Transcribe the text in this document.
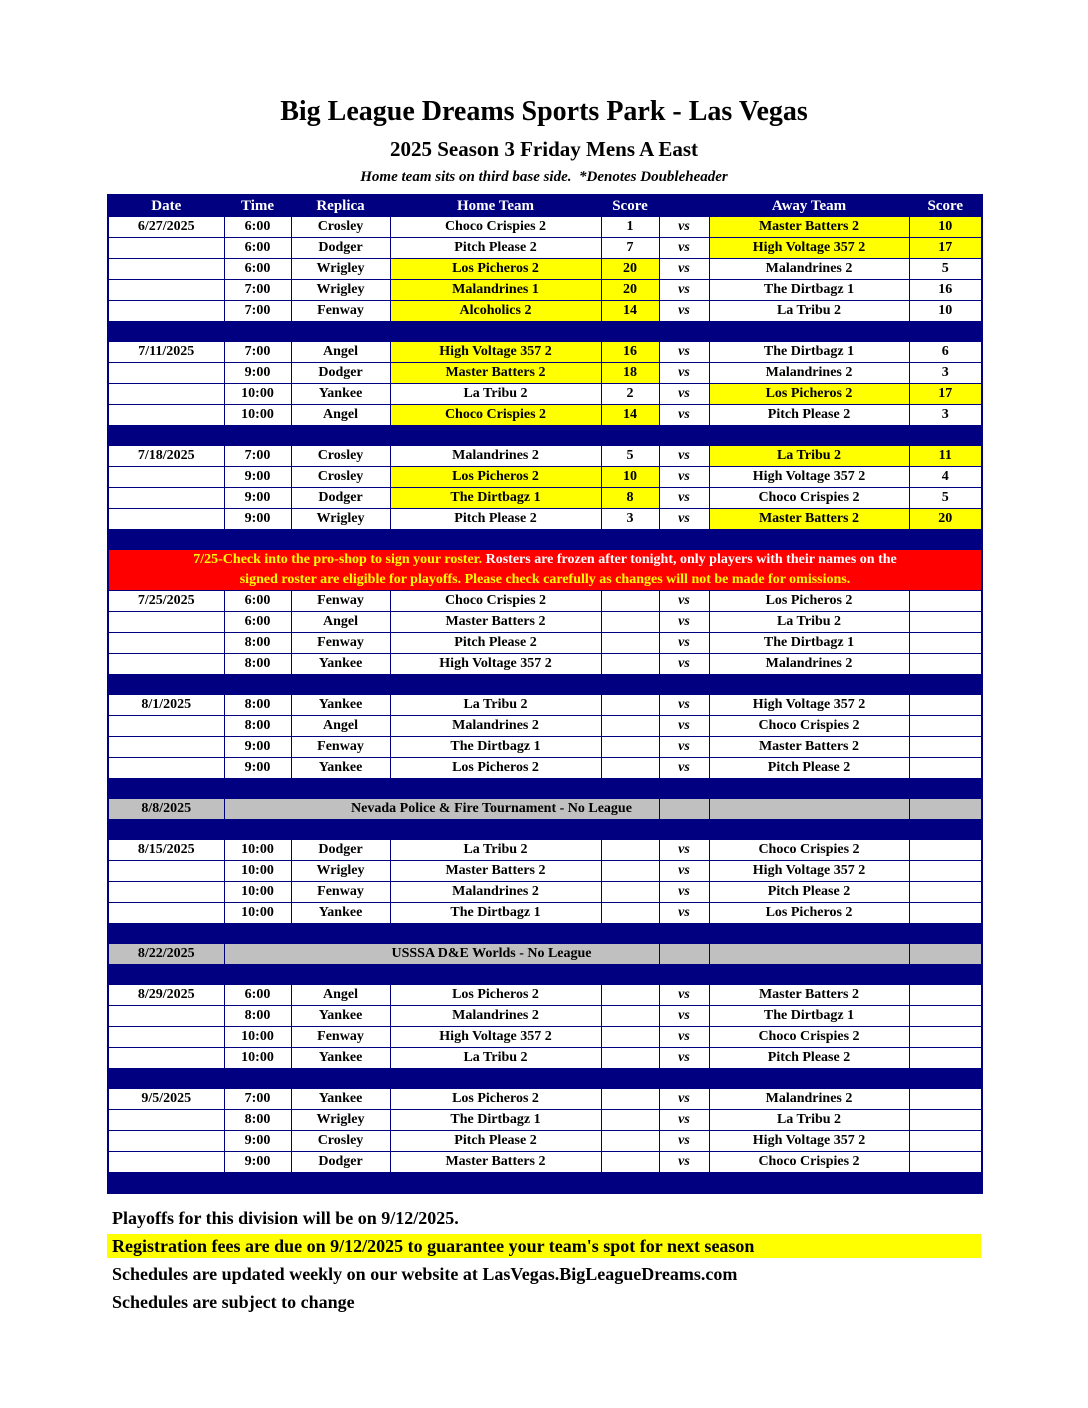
Big League Dreams Sports Park - Las Vegas
2025 Season 3 Friday Mens A East
Home team sits on third base side.  *Denotes Doubleheader
Date	Time	Replica	Home Team	Score		Away Team	Score
6/27/2025	6:00	Crosley	Choco Crispies 2	1	vs	Master Batters 2	10
	6:00	Dodger	Pitch Please 2	7	vs	High Voltage 357 2	17
	6:00	Wrigley	Los Picheros 2	20	vs	Malandrines 2	5
	7:00	Wrigley	Malandrines 1	20	vs	The Dirtbagz 1	16
	7:00	Fenway	Alcoholics 2	14	vs	La Tribu 2	10

7/11/2025	7:00	Angel	High Voltage 357 2	16	vs	The Dirtbagz 1	6
	9:00	Dodger	Master Batters 2	18	vs	Malandrines 2	3
	10:00	Yankee	La Tribu 2	2	vs	Los Picheros 2	17
	10:00	Angel	Choco Crispies 2	14	vs	Pitch Please 2	3

7/18/2025	7:00	Crosley	Malandrines 2	5	vs	La Tribu 2	11
	9:00	Crosley	Los Picheros 2	10	vs	High Voltage 357 2	4
	9:00	Dodger	The Dirtbagz 1	8	vs	Choco Crispies 2	5
	9:00	Wrigley	Pitch Please 2	3	vs	Master Batters 2	20

7/25-Check into the pro-shop to sign your roster. Rosters are frozen after tonight, only players with their names on the
signed roster are eligible for playoffs. Please check carefully as changes will not be made for omissions.							

7/25/2025	6:00	Fenway	Choco Crispies 2		vs	Los Picheros 2	
	6:00	Angel	Master Batters 2		vs	La Tribu 2	
	8:00	Fenway	Pitch Please 2		vs	The Dirtbagz 1	
	8:00	Yankee	High Voltage 357 2		vs	Malandrines 2	

8/1/2025	8:00	Yankee	La Tribu 2		vs	High Voltage 357 2	
	8:00	Angel	Malandrines 2		vs	Choco Crispies 2	
	9:00	Fenway	The Dirtbagz 1		vs	Master Batters 2	
	9:00	Yankee	Los Picheros 2		vs	Pitch Please 2	

8/8/2025	Nevada Police & Fire Tournament - No League						

8/15/2025	10:00	Dodger	La Tribu 2		vs	Choco Crispies 2	
	10:00	Wrigley	Master Batters 2		vs	High Voltage 357 2	
	10:00	Fenway	Malandrines 2		vs	Pitch Please 2	
	10:00	Yankee	The Dirtbagz 1		vs	Los Picheros 2	

8/22/2025	USSSA D&E Worlds - No League						

8/29/2025	6:00	Angel	Los Picheros 2		vs	Master Batters 2	
	8:00	Yankee	Malandrines 2		vs	The Dirtbagz 1	
	10:00	Fenway	High Voltage 357 2		vs	Choco Crispies 2	
	10:00	Yankee	La Tribu 2		vs	Pitch Please 2	

9/5/2025	7:00	Yankee	Los Picheros 2		vs	Malandrines 2	
	8:00	Wrigley	The Dirtbagz 1		vs	La Tribu 2	
	9:00	Crosley	Pitch Please 2		vs	High Voltage 357 2	
	9:00	Dodger	Master Batters 2		vs	Choco Crispies 2	

Playoffs for this division will be on 9/12/2025.
Registration fees are due on 9/12/2025 to guarantee your team's spot for next season
Schedules are updated weekly on our website at LasVegas.BigLeagueDreams.com
Schedules are subject to change
